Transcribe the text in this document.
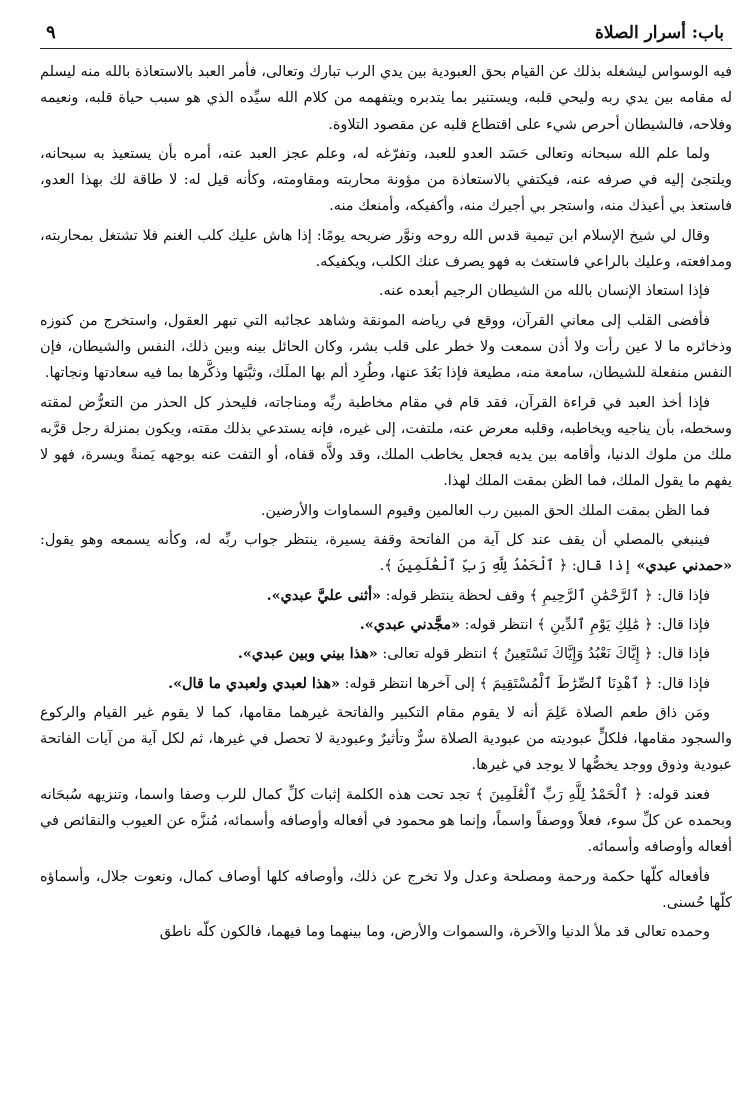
باب: أسرار الصلاة
٩

فيه الوسواس ليشغله بذلك عن القيام بحق العبودية بين يدي الرب تبارك وتعالى، فأمر العبد بالاستعاذة بالله منه ليسلم له مقامه بين يدي ربه وليحي قلبه، ويستنير بما يتدبره ويتفهمه من كلام الله سيِّده الذي هو سبب حياة قلبه، ونعيمه وفلاحه، فالشيطان أحرص شيء على اقتطاع قلبه عن مقصود التلاوة.

ولما علم الله سبحانه وتعالى حَسَد العدو للعبد، وتفرّغه له، وعلم عجز العبد عنه، أمره بأن يستعيذ به سبحانه، ويلتجئ إليه في صرفه عنه، فيكتفي بالاستعاذة من مؤونة محاربته ومقاومته، وكأنه قيل له: لا طاقة لك بهذا العدو، فاستعذ بي أعيذك منه، واستجر بي أجيرك منه، وأكفيكه، وأمنعك منه.

وقال لي شيخ الإسلام ابن تيمية قدس الله روحه ونوَّر ضريحه يومًا: إذا هاش عليك كلب الغنم فلا تشتغل بمحاربته، ومدافعته، وعليك بالراعي فاستغث به فهو يصرف عنك الكلب، ويكفيكه.

فإذا استعاذ الإنسان بالله من الشيطان الرجيم أبعده عنه.

فأفضى القلب إلى معاني القرآن، ووقع في رياضه المونقة وشاهد عجائبه التي تبهر العقول، واستخرج من كنوزه وذخائره ما لا عين رأت ولا أذن سمعت ولا خطر على قلب بشر، وكان الحائل بينه وبين ذلك، النفس والشيطان، فإن النفس منفعلة للشيطان، سامعة منه، مطيعة فإذا بَعُدَ عنها، وطُرِد ألم بها الملَك، وثبَّتها وذكَّرها بما فيه سعادتها ونجاتها.

فإذا أخذ العبد في قراءة القرآن، فقد قام في مقام مخاطبة ربِّه ومناجاته، فليحذر كل الحذر من التعرُّض لمقته وسخطه، بأن يناجيه ويخاطبه، وقلبه معرض عنه، ملتفت، إلى غيره، فإنه يستدعي بذلك مقته، ويكون بمنزلة رجل قرَّبه ملك من ملوك الدنيا، وأقامه بين يديه فجعل يخاطب الملك، وقد ولاَّه قفاه، أو التفت عنه بوجهه يَمنةً ويسرة، فهو لا يفهم ما يقول الملك، فما الظن بمقت الملك لهذا.

فما الظن بمقت الملك الحق المبين رب العالمين وقيوم السماوات والأرضين.

فينبغي بالمصلي أن يقف عند كل آية من الفاتحة وقفة يسيرة، ينتظر جواب ربِّه له، وكأنه يسمعه وهو يقول: «حمدني عبدي» إذا قال: ﴿ ٱلْحَمْدُ لِلَّهِ رَبِّ ٱلْعَٰلَمِينَ ﴾.

فإذا قال: ﴿ ٱلرَّحْمَٰنِ ٱلرَّحِيمِ ﴾ وقف لحظة ينتظر قوله: «أثنى عليَّ عبدي».

فإذا قال: ﴿ مَٰلِكِ يَوْمِ ٱلدِّينِ ﴾ انتظر قوله: «مجَّدني عبدي».

فإذا قال: ﴿ إِيَّاكَ نَعْبُدُ وَإِيَّاكَ نَسْتَعِينُ ﴾ انتظر قوله تعالى: «هذا بيني وبين عبدي».

فإذا قال: ﴿ ٱهْدِنَا ٱلصِّرَٰطَ ٱلْمُسْتَقِيمَ ﴾ إلى آخرها انتظر قوله: «هذا لعبدي ولعبدي ما قال».

ومَن ذاق طعم الصلاة عَلِمَ أنه لا يقوم مقام التكبير والفاتحة غيرهما مقامها، كما لا يقوم غير القيام والركوع والسجود مقامها، فلكلٍّ عبوديته من عبودية الصلاة سرٌّ وتأثيرٌ وعبودية لا تحصل في غيرها، ثم لكل آية من آيات الفاتحة عبودية وذوق ووجد يخصُّها لا يوجد في غيرها.

فعند قوله: ﴿ ٱلْحَمْدُ لِلَّهِ رَبِّ ٱلْعَٰلَمِينَ ﴾ تجد تحت هذه الكلمة إثبات كلِّ كمال للرب وصفا واسما، وتنزيهه سُبحَانه وبحمده عن كلِّ سوء، فعلاً ووصفاً واسماً، وإنما هو محمود في أفعاله وأوصافه وأسمائه، مُنزَّه عن العيوب والنقائص في أفعاله وأوصافه وأسمائه.

فأفعاله كلّها حكمة ورحمة ومصلحة وعدل ولا تخرج عن ذلك، وأوصافه كلها أوصاف كمال، ونعوت جلال، وأسماؤه كلّها حُسنى.

وحمده تعالى قد ملأ الدنيا والآخرة، والسموات والأرض، وما بينهما وما فيهما، فالكون كلّه ناطق
